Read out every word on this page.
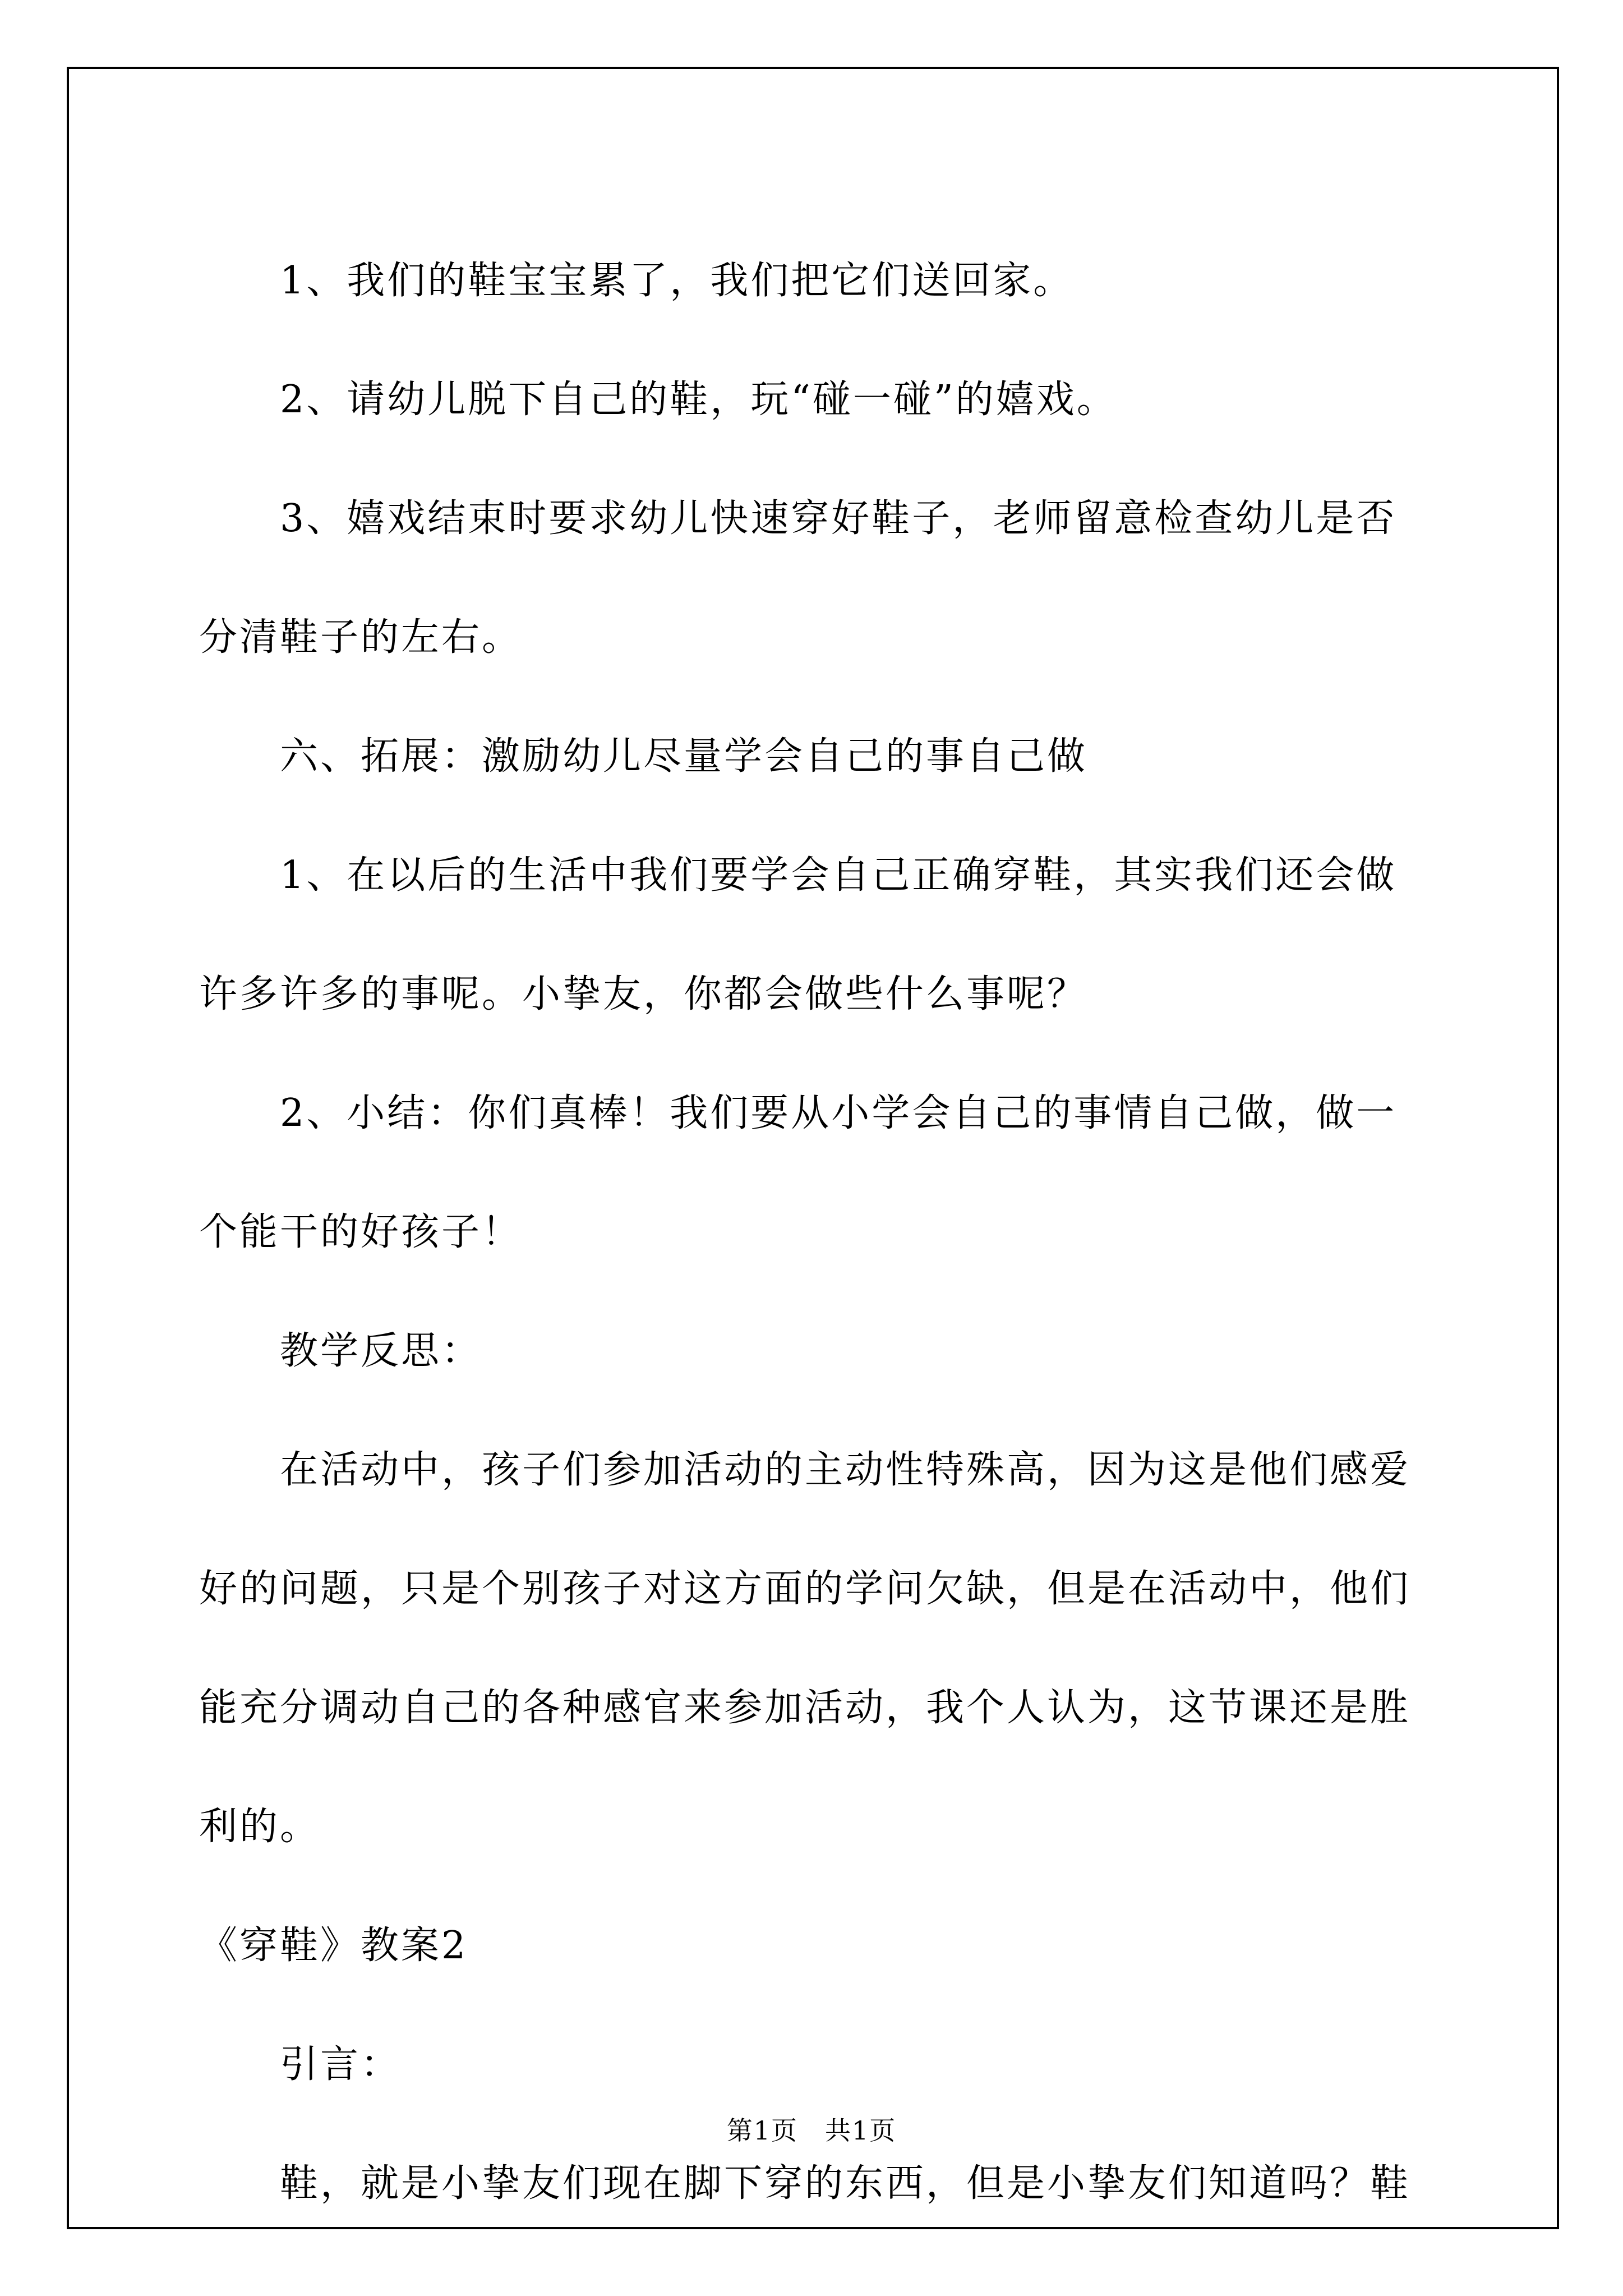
1、我们的鞋宝宝累了，我们把它们送回家。

2、请幼儿脱下自己的鞋，玩“碰一碰”的嬉戏。

3、嬉戏结束时要求幼儿快速穿好鞋子，老师留意检查幼儿是否分清鞋子的左右。

六、拓展：激励幼儿尽量学会自己的事自己做

1、在以后的生活中我们要学会自己正确穿鞋，其实我们还会做许多许多的事呢。小挚友，你都会做些什么事呢？

2、小结：你们真棒！我们要从小学会自己的事情自己做，做一个能干的好孩子！

教学反思：

在活动中，孩子们参加活动的主动性特殊高，因为这是他们感爱好的问题，只是个别孩子对这方面的学问欠缺，但是在活动中，他们能充分调动自己的各种感官来参加活动，我个人认为，这节课还是胜利的。

《穿鞋》教案2

引言：

鞋，就是小挚友们现在脚下穿的东西，但是小挚友们知道吗？鞋

第1页　共1页
